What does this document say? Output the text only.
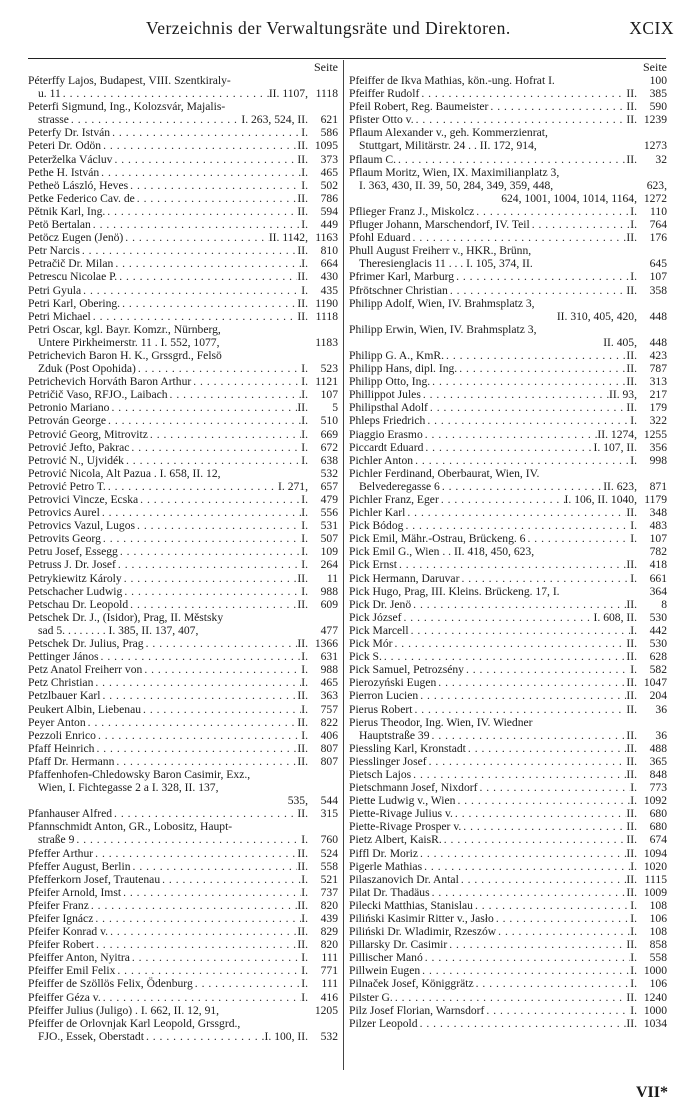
Verzeichnis der Verwaltungsräte und Direktoren.	XCIX
Seite
Péterffy Lajos, Budapest, VIII. Szentkiraly-
u. 11 . . .	II. 1107, 1118
Peterfi Sigmund, Ing., Kolozsvár, Majalis-
strasse . . .	I. 263, 524, II.	621
Peterfy Dr. István . . .	I.	586
Peteri Dr. Odön . . .	II. 1095
Peterželka Václuv . . .	II.	373
Pethe H. István . . .	I.	465
Petheö László, Heves . . .	I.	502
Petke Federico Cav. de . . .	II.	786
Pětnik Karl, Ing. . . .	II.	594
Petö Bertalan . . .	I.	449
Petöcz Eugen (Jenö) . . .	II. 1142, 1163
Petr Narcis . . .	II.	810
Petračič Dr. Milan . . .	I.	664
Petrescu Nicolae P. . . .	II.	430
Petri Gyula . . .	I.	435
Petri Karl, Obering. . . .	II. 1190
Petri Michael . . .	II. 1118
Petri Oscar, kgl. Bayr. Komzr., Nürnberg,
Untere Pirkheimerstr. 11 . I. 552, 1077,	1183
Petrichevich Baron H. K., Grssgrd., Felsö
Zduk (Post Opohida) . . .	I.	523
Petrichevich Horváth Baron Arthur . . .	I. 1121
Petričič Vaso, RFJO., Laibach . . .	I.	107
Petronio Mariano . . .	II.	5
Petrován George . . .	I.	510
Petrović Georg, Mitrovitz . . .	I.	669
Petrović Jefto, Pakrac . . .	I.	672
Petrović N., Ujvidék . . .	I.	638
Petrović Nicola, Alt Pazua . I. 658, II. 12,	532
Petrović Petro T. . . .	I. 271,	657
Petrovici Vincze, Ecska . . .	I.	479
Petrovics Aurel . . .	I.	556
Petrovics Vazul, Lugos . . .	I.	531
Petrovits Georg . . .	I.	507
Petru Josef, Essegg . . .	I.	109
Petruss J. Dr. Josef . . .	I.	264
Petrykiewitz Károly . . .	II.	11
Petschacher Ludwig . . .	I.	988
Petschau Dr. Leopold . . .	II.	609
Petschek Dr. J., (Isidor), Prag, II. Městsky
sad 5. . . . . . . . I. 385, II. 137, 407,	477
Petschek Dr. Julius, Prag . . .	II. 1366
Pettinger János . . .	I.	631
Petz Anatol Freiherr von . . .	I.	988
Petz Christian . . .	I.	465
Petzlbauer Karl . . .	II.	363
Peukert Albin, Liebenau . . .	I.	757
Peyer Anton . . .	II.	822
Pezzoli Enrico . . .	I.	406
Pfaff Heinrich . . .	II.	807
Pfaff Dr. Hermann . . .	II.	807
Pfaffenhofen-Chledowsky Baron Casimir, Exz.,
Wien, I. Fichtegasse 2 a I. 328, II. 137,
535,	544
Pfanhauser Alfred . . .	II.	315
Pfannschmidt Anton, GR., Lobositz, Haupt-
straße 9 . . .	I.	760
Pfeffer Arthur . . .	II.	524
Pfeffer August, Berlin . . .	II.	558
Pfefferkorn Josef, Trautenau . . .	I.	521
Pfeifer Arnold, Imst . . .	I.	737
Pfeifer Franz . . .	II.	820
Pfeifer Ignácz . . .	I.	439
Pfeifer Konrad v. . . .	II.	829
Pfeifer Robert . . .	II.	820
Pfeiffer Anton, Nyitra . . .	I.	111
Pfeiffer Emil Felix . . .	I.	771
Pfeiffer de Szöllös Felix, Ödenburg . . .	I.	111
Pfeiffer Géza v. . . .	I.	416
Pfeiffer Julius (Juligo) . I. 662, II. 12, 91,	1205
Pfeiffer de Orlovnjak Karl Leopold, Grssgrd.,
FJO., Essek, Oberstadt . . .	I. 100, II.	532
Seite
Pfeiffer de Ikva Mathias, kön.-ung. Hofrat I.	100
Pfeiffer Rudolf . . .	II.	385
Pfeil Robert, Reg. Baumeister . . .	II.	590
Pfister Otto v. . . .	II. 1239
Pflaum Alexander v., geh. Kommerzienrat,
Stuttgart, Militärstr. 24 . . II. 172, 914,	1273
Pflaum C. . . .	II.	32
Pflaum Moritz, Wien, IX. Maximilianplatz 3,
I. 363, 430, II. 39, 50, 284, 349, 359, 448,	623,
624, 1001, 1004, 1014, 1164, 1272
Pflieger Franz J., Miskolcz . . .	I.	110
Pfluger Johann, Marschendorf, IV. Teil . . .	I.	764
Pfohl Eduard . . .	II.	176
Phull August Freiherr v., HKR., Brünn,
Theresienglacis 11 . . . I. 105, 374, II.	645
Pfrimer Karl, Marburg . . .	I.	107
Pfrötschner Christian . . .	II.	358
Philipp Adolf, Wien, IV. Brahmsplatz 3,
II. 310, 405, 420,	448
Philipp Erwin, Wien, IV. Brahmsplatz 3,
II. 405,	448
Philipp G. A., KmR. . . .	II.	423
Philipp Hans, dipl. Ing. . . .	II.	787
Philipp Otto, Ing. . . .	II.	313
Phillippot Jules . . .	II. 93,	217
Philipsthal Adolf . . .	II.	179
Phleps Friedrich . . .	I.	322
Piaggio Erasmo . . .	II. 1274, 1255
Piccardt Eduard . . .	I. 107, II.	356
Pichler Anton . . .	I.	998
Pichler Ferdinand, Oberbaurat, Wien, IV.
Belvederegasse 6 . . .	II. 623,	871
Pichler Franz, Eger . . .	I. 106, II. 1040, 1179
Pichler Karl . . .	II.	348
Pick Bódog . . .	I.	483
Pick Emil, Mähr.-Ostrau, Brückeng. 6 . . .	I.	107
Pick Emil G., Wien . . II. 418, 450, 623,	782
Pick Ernst . . .	II.	418
Pick Hermann, Daruvar . . .	I.	661
Pick Hugo, Prag, III. Kleins. Brückeng. 17, I.	364
Pick Dr. Jenö . . .	II.	8
Pick József . . .	I. 608, II.	530
Pick Marcell . . .	I.	442
Pick Mór . . .	II.	530
Pick S. . . .	II.	628
Pick Samuel, Petrozsény . . .	I.	582
Pierozyński Eugen . . .	II. 1047
Pierron Lucien . . .	II.	204
Pierus Robert . . .	II.	36
Pierus Theodor, Ing. Wien, IV. Wiedner
Hauptstraße 39 . . .	II.	36
Piessling Karl, Kronstadt . . .	II.	488
Piesslinger Josef . . .	II.	365
Pietsch Lajos . . .	II.	848
Pietschmann Josef, Nixdorf . . .	I.	773
Piette Ludwig v., Wien . . .	I. 1092
Piette-Rivage Julius v. . . .	II.	680
Piette-Rivage Prosper v. . . .	II.	680
Pietz Albert, KaisR. . . .	II.	674
Piffl Dr. Moriz . . .	II. 1094
Pigerle Mathias . . .	I. 1020
Pilaszanovich Dr. Antal . . .	II. 1115
Pilat Dr. Thadäus . . .	II. 1009
Pilecki Matthias, Stanislau . . .	I.	108
Piliński Kasimir Ritter v., Jasło . . .	I.	106
Piliński Dr. Wladimir, Rzeszów . . .	I.	108
Pillarsky Dr. Casimir . . .	II.	858
Pillischer Manó . . .	I.	558
Pillwein Eugen . . .	I. 1000
Pilnaček Josef, Königgrätz . . .	I.	106
Pilster G. . . .	II. 1240
Pilz Josef Florian, Warnsdorf . . .	I. 1000
Pilzer Leopold . . .	II. 1034
VII*
